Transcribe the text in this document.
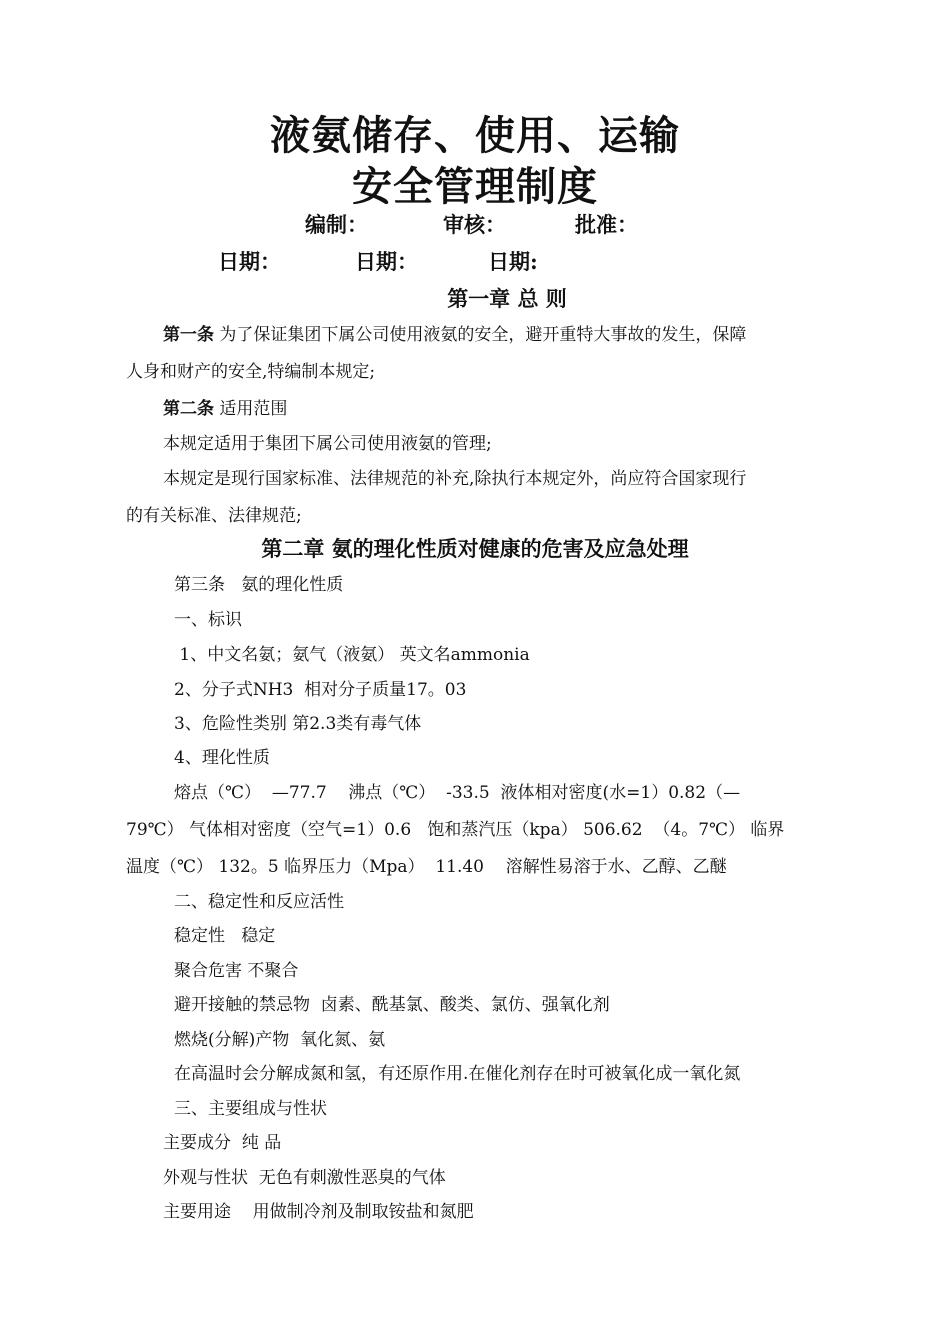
液氨储存、使用、运输
安全管理制度
编制：	审核：	批准：
日期：	日期：	日期:
第一章 总 则
第一条 为了保证集团下属公司使用液氨的安全，避开重特大事故的发生，保障
人身和财产的安全,特编制本规定;
第二条 适用范围
本规定适用于集团下属公司使用液氨的管理;
本规定是现行国家标准、法律规范的补充,除执行本规定外，尚应符合国家现行
的有关标准、法律规范;
第二章 氨的理化性质对健康的危害及应急处理
第三条   氨的理化性质
一、标识
1、中文名氨；氨气（液氨） 英文名ammonia
2、分子式NH3  相对分子质量17。03
3、危险性类别 第2.3类有毒气体
4、理化性质
熔点（℃）  —77.7    沸点（℃）  -33.5  液体相对密度(水=1）0.82（—
79℃） 气体相对密度（空气=1）0.6   饱和蒸汽压（kpa） 506.62  （4。7℃） 临界
温度（℃） 132。5 临界压力（Mpa）  11.40    溶解性易溶于水、乙醇、乙醚
二、稳定性和反应活性
稳定性   稳定
聚合危害 不聚合
避开接触的禁忌物  卤素、酰基氯、酸类、氯仿、强氧化剂
燃烧(分解)产物  氧化氮、氨
在高温时会分解成氮和氢，有还原作用.在催化剂存在时可被氧化成一氧化氮
三、主要组成与性状
主要成分  纯 品
外观与性状  无色有刺激性恶臭的气体
主要用途    用做制冷剂及制取铵盐和氮肥
